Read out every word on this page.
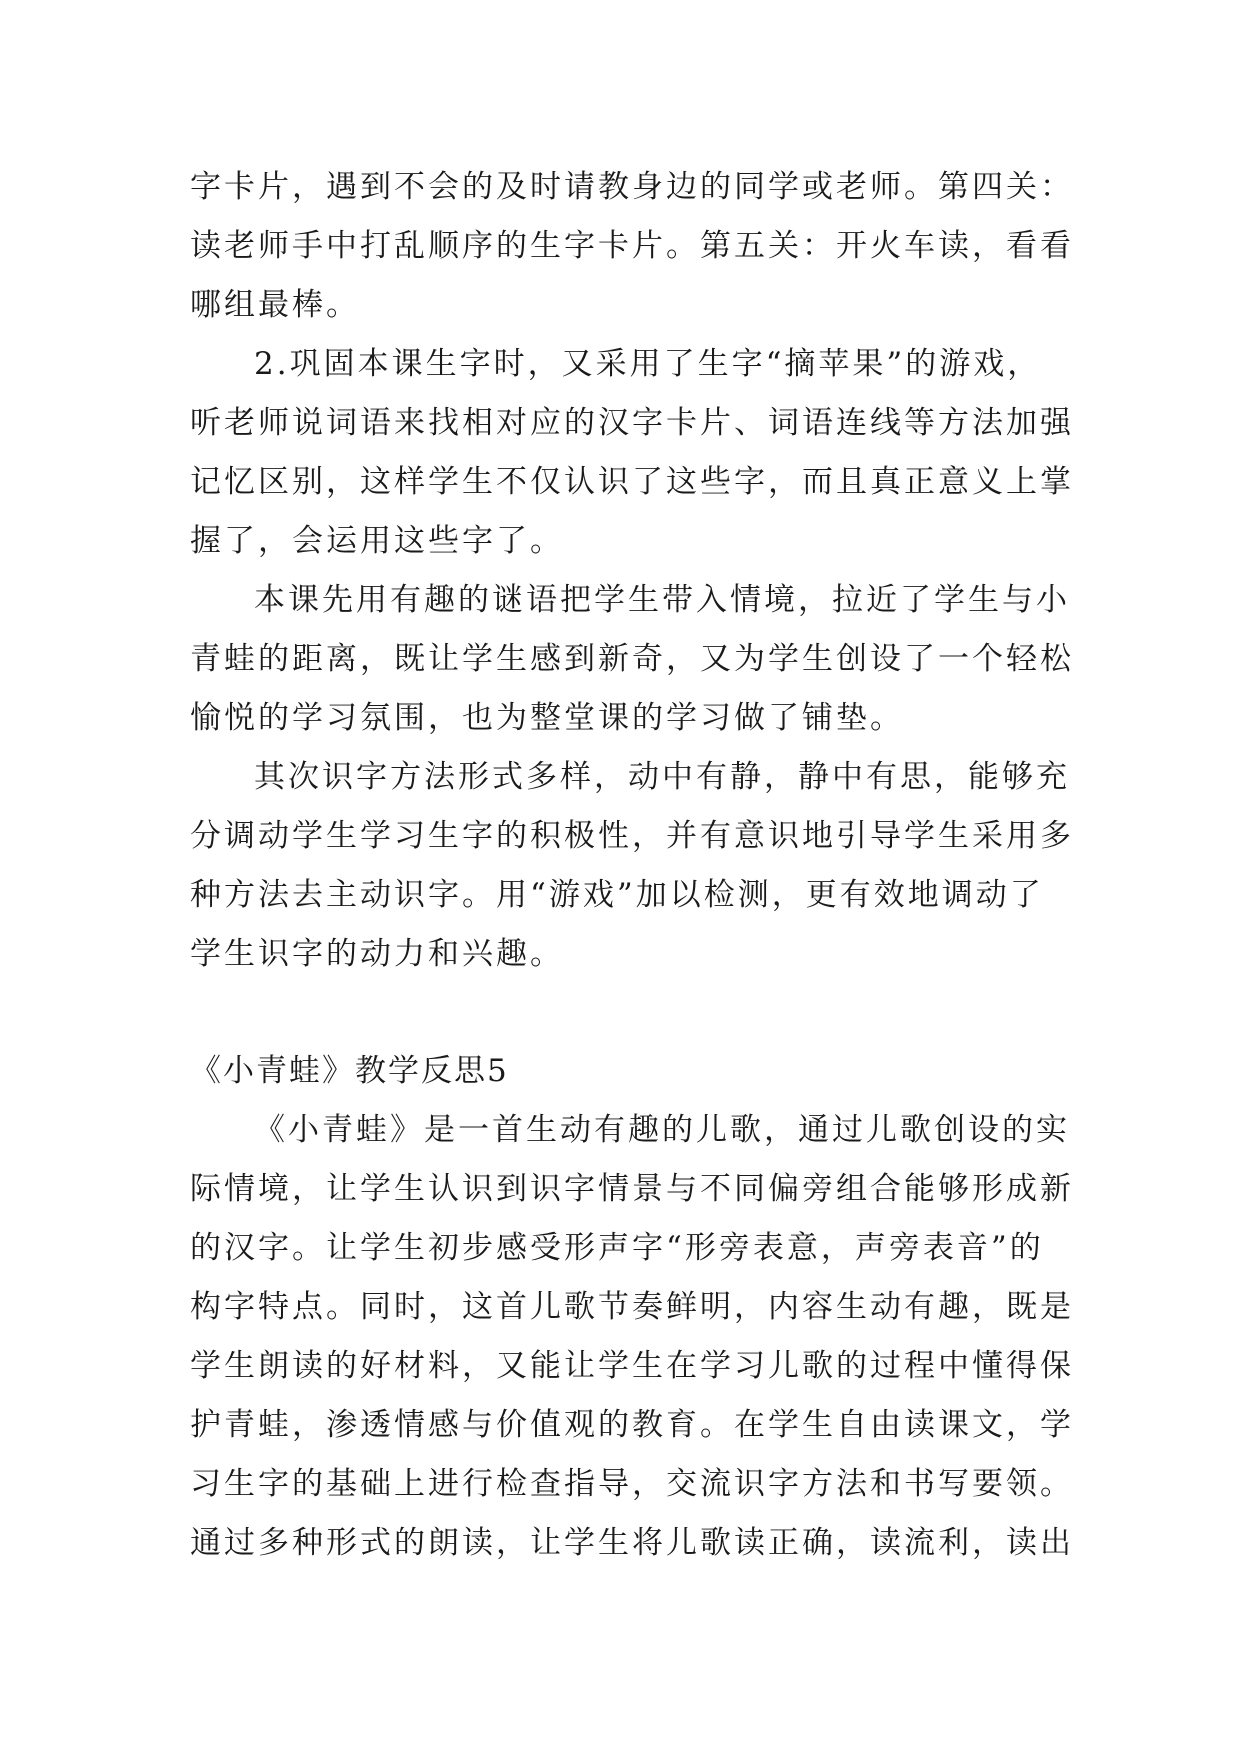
字卡片，遇到不会的及时请教身边的同学或老师。第四关：
读老师手中打乱顺序的生字卡片。第五关：开火车读，看看
哪组最棒。
2.巩固本课生字时，又采用了生字“摘苹果”的游戏，
听老师说词语来找相对应的汉字卡片、词语连线等方法加强
记忆区别，这样学生不仅认识了这些字，而且真正意义上掌
握了，会运用这些字了。
本课先用有趣的谜语把学生带入情境，拉近了学生与小
青蛙的距离，既让学生感到新奇，又为学生创设了一个轻松
愉悦的学习氛围，也为整堂课的学习做了铺垫。
其次识字方法形式多样，动中有静，静中有思，能够充
分调动学生学习生字的积极性，并有意识地引导学生采用多
种方法去主动识字。用“游戏”加以检测，更有效地调动了
学生识字的动力和兴趣。
《小青蛙》教学反思5
《小青蛙》是一首生动有趣的儿歌，通过儿歌创设的实
际情境，让学生认识到识字情景与不同偏旁组合能够形成新
的汉字。让学生初步感受形声字“形旁表意，声旁表音”的
构字特点。同时，这首儿歌节奏鲜明，内容生动有趣，既是
学生朗读的好材料，又能让学生在学习儿歌的过程中懂得保
护青蛙，渗透情感与价值观的教育。在学生自由读课文，学
习生字的基础上进行检查指导，交流识字方法和书写要领。
通过多种形式的朗读，让学生将儿歌读正确，读流利，读出
